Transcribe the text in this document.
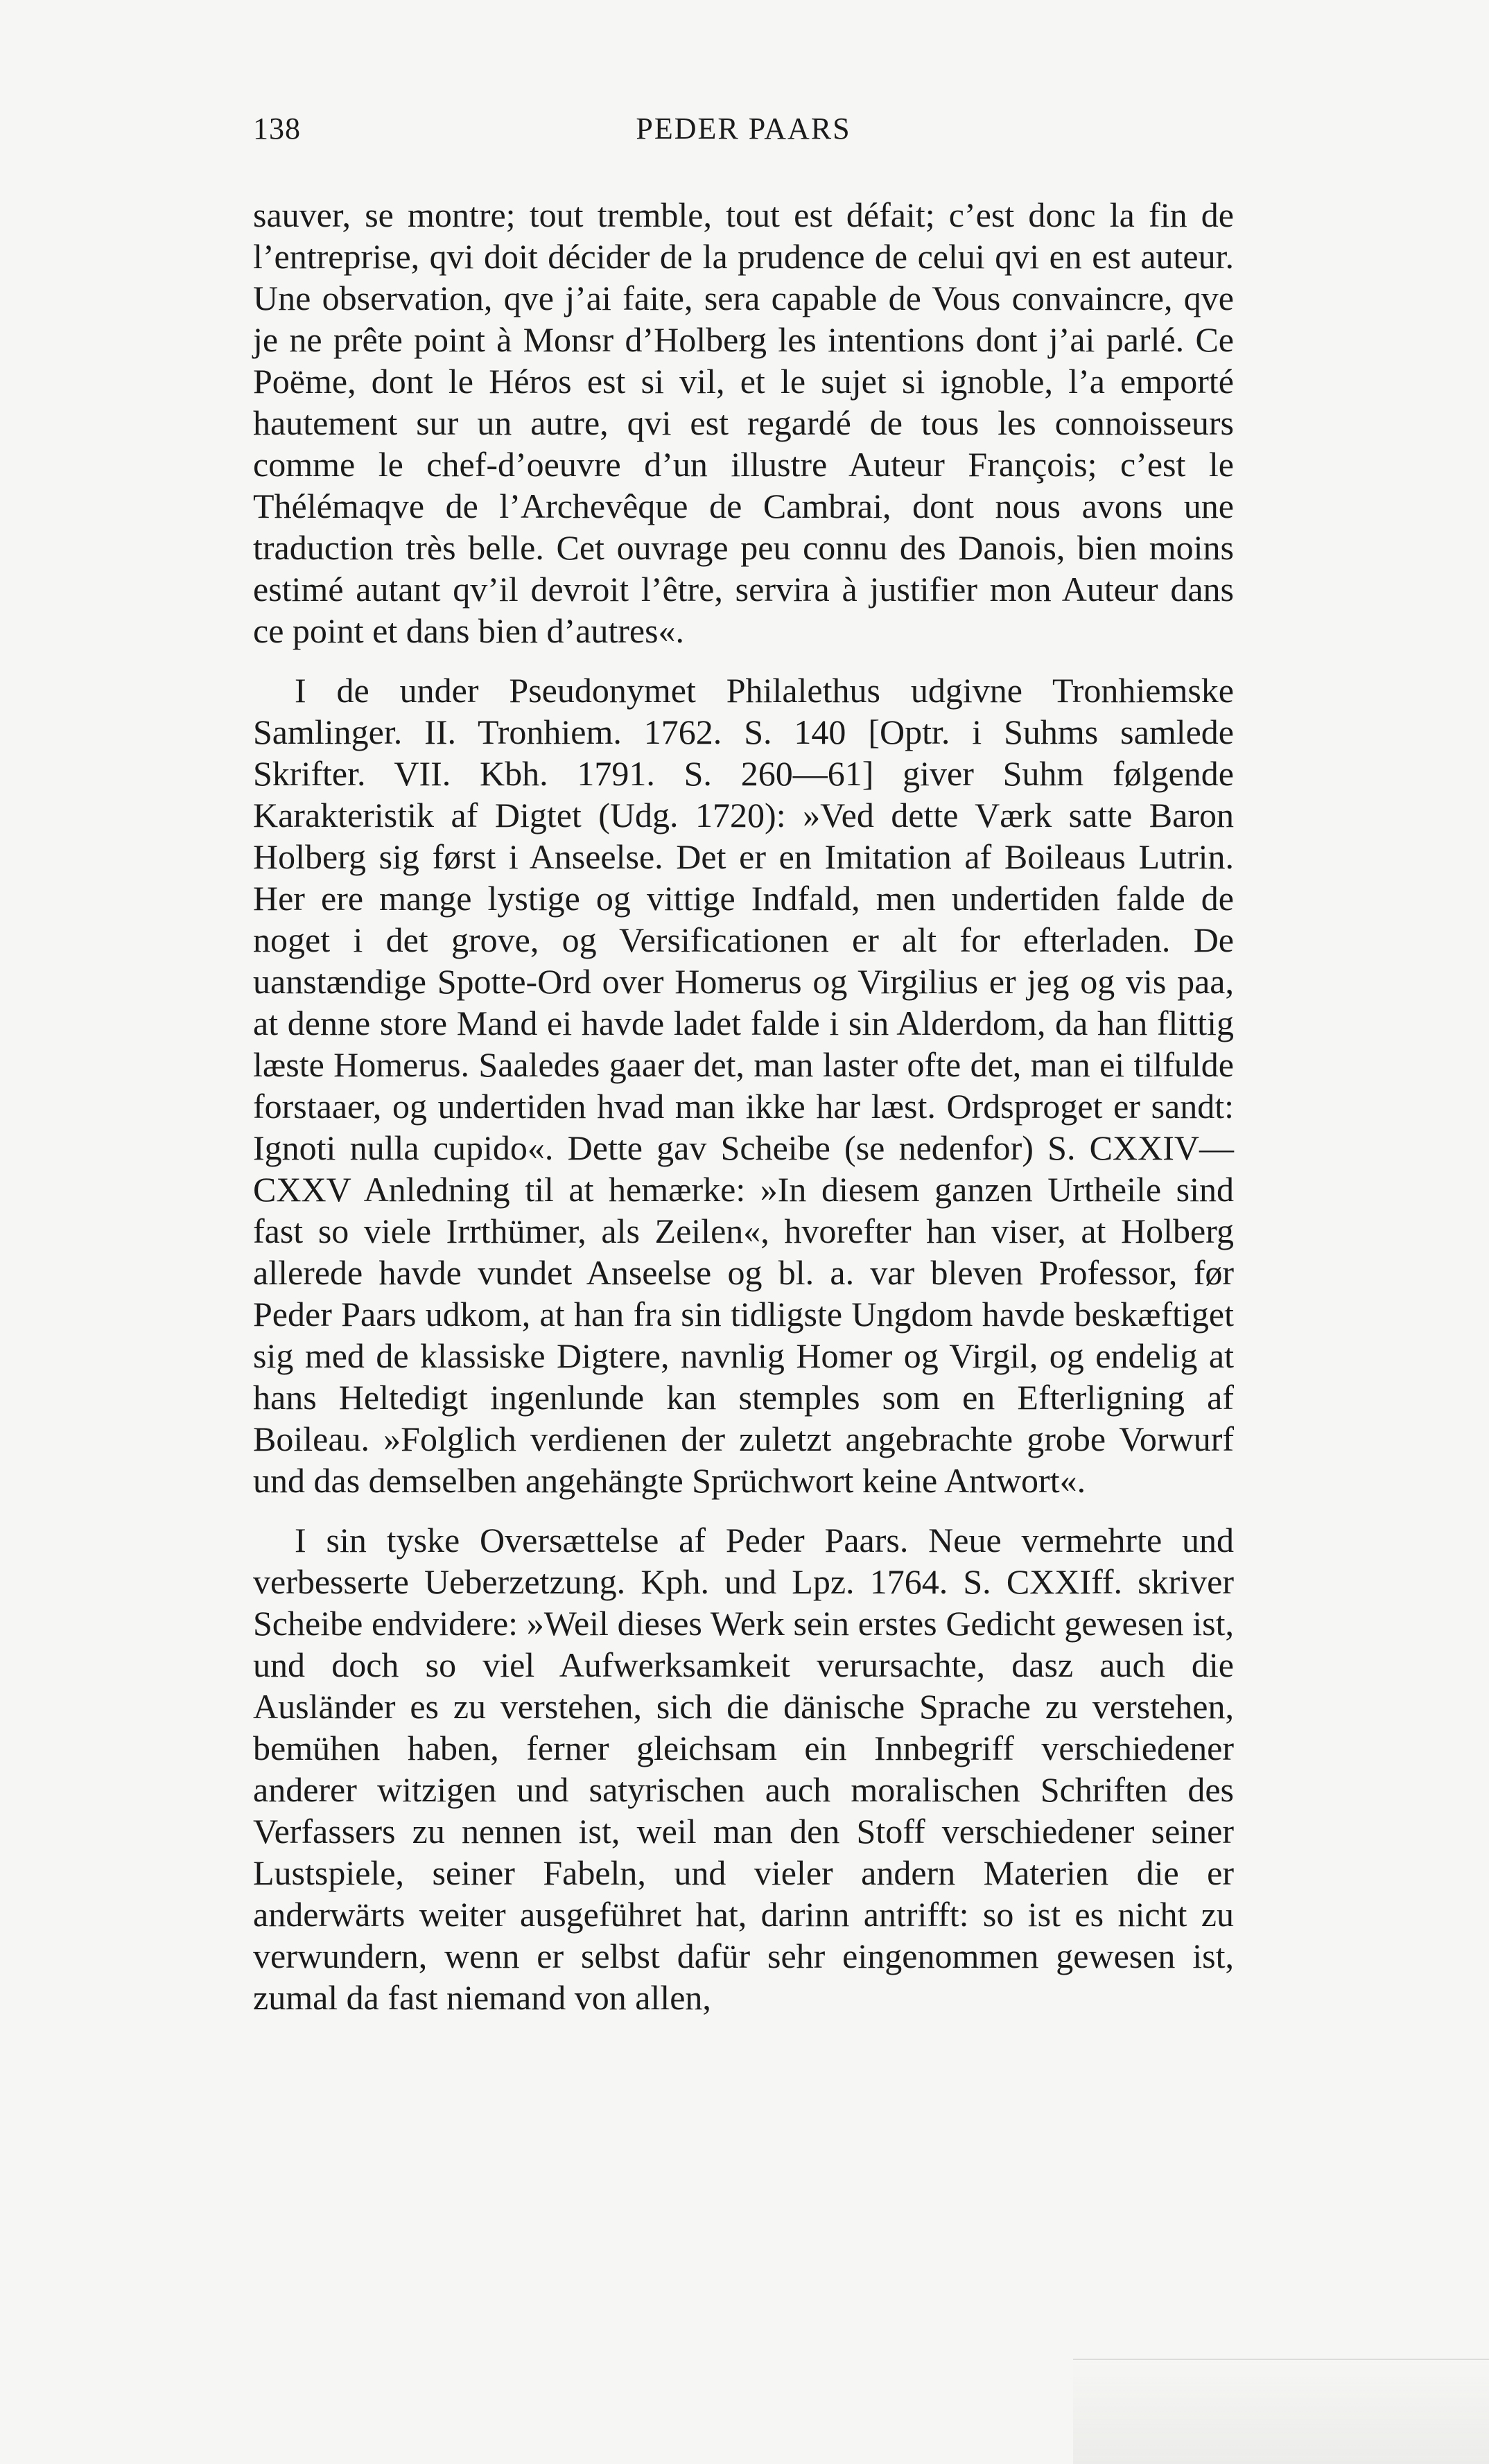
138	PEDER PAARS

sauver, se montre; tout tremble, tout est défait; c’est donc la fin de l’entreprise, qvi doit décider de la prudence de celui qvi en est auteur. Une observation, qve j’ai faite, sera capable de Vous convaincre, qve je ne prête point à Monsr d’Holberg les intentions dont j’ai parlé. Ce Poëme, dont le Héros est si vil, et le sujet si ignoble, l’a emporté hautement sur un autre, qvi est regardé de tous les connoisseurs comme le chef-d’oeuvre d’un illustre Auteur François; c’est le Thélémaqve de l’Archevêque de Cambrai, dont nous avons une traduction très belle. Cet ouvrage peu connu des Danois, bien moins estimé autant qv’il devroit l’être, servira à justifier mon Auteur dans ce point et dans bien d’autres«.

I de under Pseudonymet Philalethus udgivne Tronhiemske Samlinger. II. Tronhiem. 1762. S. 140 [Optr. i Suhms samlede Skrifter. VII. Kbh. 1791. S. 260—61] giver Suhm følgende Karakteristik af Digtet (Udg. 1720): »Ved dette Værk satte Baron Holberg sig først i Anseelse. Det er en Imitation af Boileaus Lutrin. Her ere mange lystige og vittige Indfald, men undertiden falde de noget i det grove, og Versificationen er alt for efterladen. De uanstændige Spotte-Ord over Homerus og Virgilius er jeg og vis paa, at denne store Mand ei havde ladet falde i sin Alderdom, da han flittig læste Homerus. Saaledes gaaer det, man laster ofte det, man ei tilfulde forstaaer, og undertiden hvad man ikke har læst. Ordsproget er sandt: Ignoti nulla cupido«. Dette gav Scheibe (se nedenfor) S. CXXIV—CXXV Anledning til at hemærke: »In diesem ganzen Urtheile sind fast so viele Irrthümer, als Zeilen«, hvorefter han viser, at Holberg allerede havde vundet Anseelse og bl. a. var bleven Professor, før Peder Paars udkom, at han fra sin tidligste Ungdom havde beskæftiget sig med de klassiske Digtere, navnlig Homer og Virgil, og endelig at hans Heltedigt ingenlunde kan stemples som en Efterligning af Boileau. »Folglich verdienen der zuletzt angebrachte grobe Vorwurf und das demselben angehängte Sprüchwort keine Antwort«.

I sin tyske Oversættelse af Peder Paars. Neue vermehrte und verbesserte Ueberzetzung. Kph. und Lpz. 1764. S. CXXIff. skriver Scheibe endvidere: »Weil dieses Werk sein erstes Gedicht gewesen ist, und doch so viel Aufwerksamkeit verursachte, dasz auch die Ausländer es zu verstehen, sich die dänische Sprache zu verstehen, bemühen haben, ferner gleichsam ein Innbegriff verschiedener anderer witzigen und satyrischen auch moralischen Schriften des Verfassers zu nennen ist, weil man den Stoff verschiedener seiner Lustspiele, seiner Fabeln, und vieler andern Materien die er anderwärts weiter ausgeführet hat, darinn antrifft: so ist es nicht zu verwundern, wenn er selbst dafür sehr eingenommen gewesen ist, zumal da fast niemand von allen,
